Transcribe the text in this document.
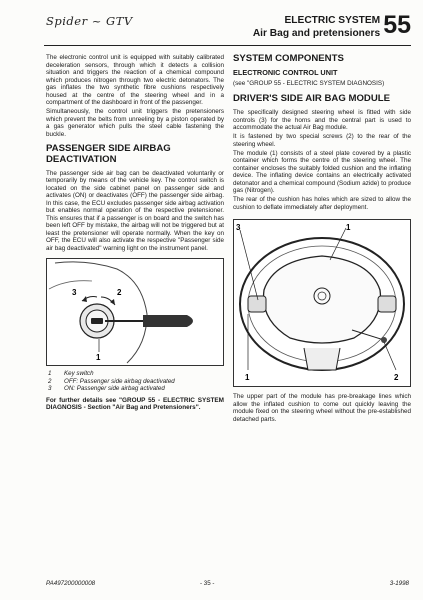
Spider ~ GTV	ELECTRIC SYSTEM
Air Bag and pretensioners 55

The electronic control unit is equipped with suitably calibrated deceleration sensors, through which it detects a collision situation and triggers the reaction of a chemical compound which produces nitrogen through two electric detonators. The gas inflates the two synthetic fibre cushions respectively housed at the centre of the steering wheel and in a compartment of the dashboard in front of the passenger.

Simultaneously, the control unit triggers the pretensioners which prevent the belts from unreeling by a piston operated by a gas generator which pulls the steel cable fastening the buckle.

PASSENGER SIDE AIRBAG DEACTIVATION

The passenger side air bag can be deactivated voluntarily or temporarily by means of the vehicle key. The control switch is located on the side cabinet panel on passenger side and activates (ON) or deactivates (OFF) the passenger side airbag. In this case, the ECU excludes passenger side airbag activation but enables normal operation of the respective pretensioner. This ensures that if a passenger is on board and the switch has been left OFF by mistake, the airbag will not be triggered but at least the pretensioner will operate normally. When the key on OFF, the ECU will also activate the respective "Passenger side air bag deactivated" warning light on the instrument panel.

3	2
1
1	Key switch
2	OFF: Passenger side airbag deactivated
3	ON: Passenger side airbag activated

For further details see "GROUP 55 - ELECTRIC SYSTEM DIAGNOSIS - Section "Air Bag and Pretensioners".

SYSTEM COMPONENTS
ELECTRONIC CONTROL UNIT

(see "GROUP 55 - ELECTRIC SYSTEM DIAGNOSIS)

DRIVER'S SIDE AIR BAG MODULE

The specifically designed steering wheel is fitted with side controls (3) for the horns and the central part is used to accommodate the actual Air Bag module.

It is fastened by two special screws (2) to the rear of the steering wheel.

The module (1) consists of a steel plate covered by a plastic container which forms the centre of the steering wheel. The container encloses the suitably folded cushion and the inflating device. The inflating device contains an electrically activated detonator and a chemical compound (Sodium azide) to produce gas (Nitrogen).

The rear of the cushion has holes which are sized to allow the cushion to deflate immediately after deployment.

3	1
1	2

The upper part of the module has pre-breakage lines which allow the inflated cushion to come out quickly leaving the module fixed on the steering wheel without the pre-established detached parts.

PA497200000008	- 35 -	3-1998
